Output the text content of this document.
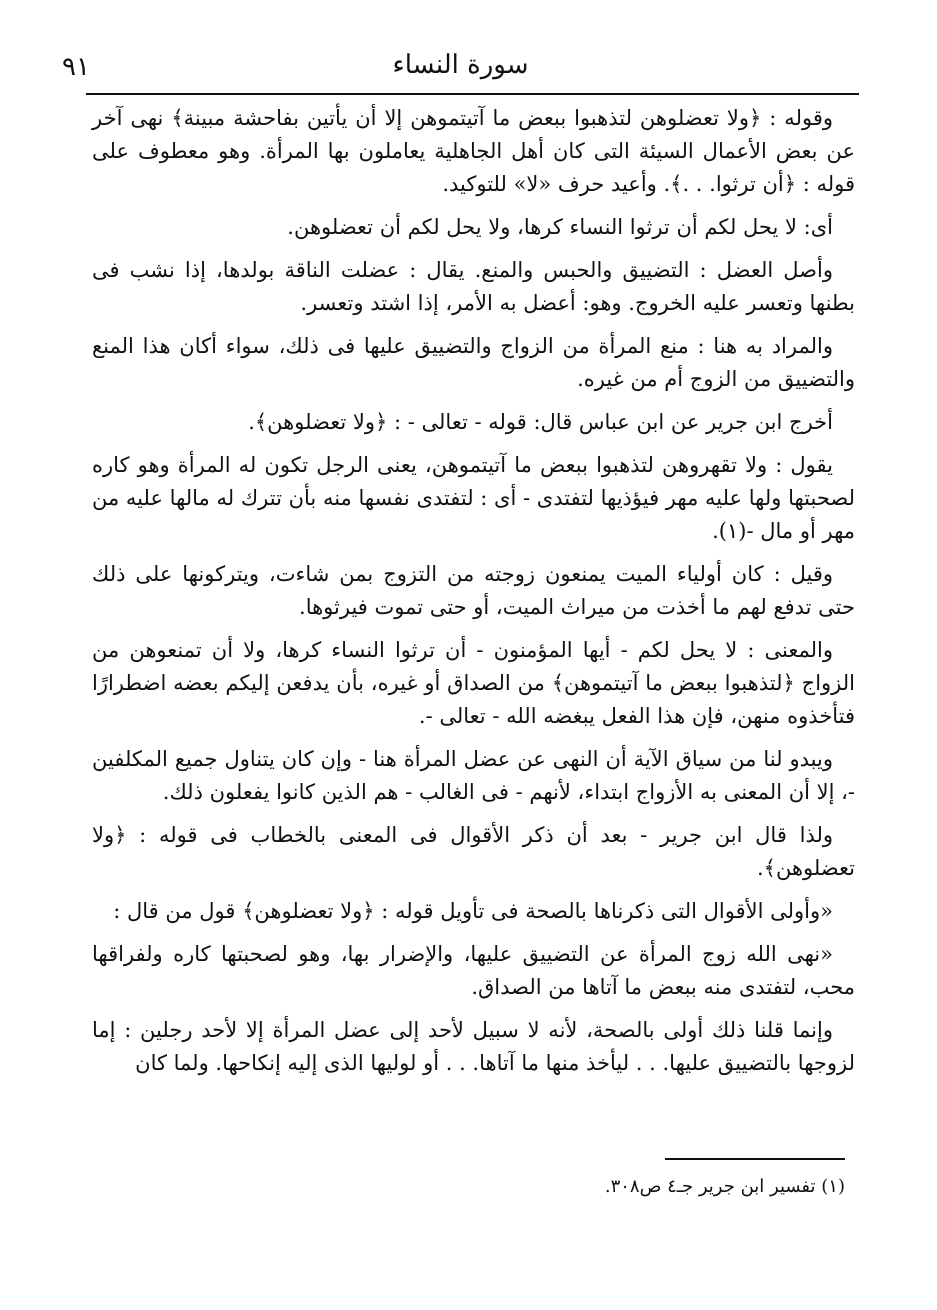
٩١	سورة النساء

وقوله : ﴿ولا تعضلوهن لتذهبوا ببعض ما آتيتموهن إلا أن يأتين بفاحشة مبينة﴾ نهى آخر عن بعض الأعمال السيئة التى كان أهل الجاهلية يعاملون بها المرأة. وهو معطوف على قوله : ﴿أن ترثوا. . .﴾. وأعيد حرف «لا» للتوكيد.

أى: لا يحل لكم أن ترثوا النساء كرها، ولا يحل لكم أن تعضلوهن.

وأصل العضل : التضييق والحبس والمنع. يقال : عضلت الناقة بولدها، إذا نشب فى بطنها وتعسر عليه الخروج. وهو: أعضل به الأمر، إذا اشتد وتعسر.

والمراد به هنا : منع المرأة من الزواج والتضييق عليها فى ذلك، سواء أكان هذا المنع والتضييق من الزوج أم من غيره.

أخرج ابن جرير عن ابن عباس قال: قوله - تعالى - : ﴿ولا تعضلوهن﴾.

يقول : ولا تقهروهن لتذهبوا ببعض ما آتيتموهن، يعنى الرجل تكون له المرأة وهو كاره لصحبتها ولها عليه مهر فيؤذيها لتفتدى - أى : لتفتدى نفسها منه بأن تترك له مالها عليه من مهر أو مال -(١).

وقيل : كان أولياء الميت يمنعون زوجته من التزوج بمن شاءت، ويتركونها على ذلك حتى تدفع لهم ما أخذت من ميراث الميت، أو حتى تموت فيرثوها.

والمعنى : لا يحل لكم - أيها المؤمنون - أن ترثوا النساء كرها، ولا أن تمنعوهن من الزواج ﴿لتذهبوا ببعض ما آتيتموهن﴾ من الصداق أو غيره، بأن يدفعن إليكم بعضه اضطرارًا فتأخذوه منهن، فإن هذا الفعل يبغضه الله - تعالى -.

ويبدو لنا من سياق الآية أن النهى عن عضل المرأة هنا - وإن كان يتناول جميع المكلفين -، إلا أن المعنى به الأزواج ابتداء، لأنهم - فى الغالب - هم الذين كانوا يفعلون ذلك.

ولذا قال ابن جرير - بعد أن ذكر الأقوال فى المعنى بالخطاب فى قوله : ﴿ولا تعضلوهن﴾.

«وأولى الأقوال التى ذكرناها بالصحة فى تأويل قوله : ﴿ولا تعضلوهن﴾ قول من قال :

«نهى الله زوج المرأة عن التضييق عليها، والإضرار بها، وهو لصحبتها كاره ولفراقها محب، لتفتدى منه ببعض ما آتاها من الصداق.

وإنما قلنا ذلك أولى بالصحة، لأنه لا سبيل لأحد إلى عضل المرأة إلا لأحد رجلين : إما لزوجها بالتضييق عليها. . . ليأخذ منها ما آتاها. . . أو لوليها الذى إليه إنكاحها. ولما كان

(١) تفسير ابن جرير جـ٤ ص٣٠٨.
